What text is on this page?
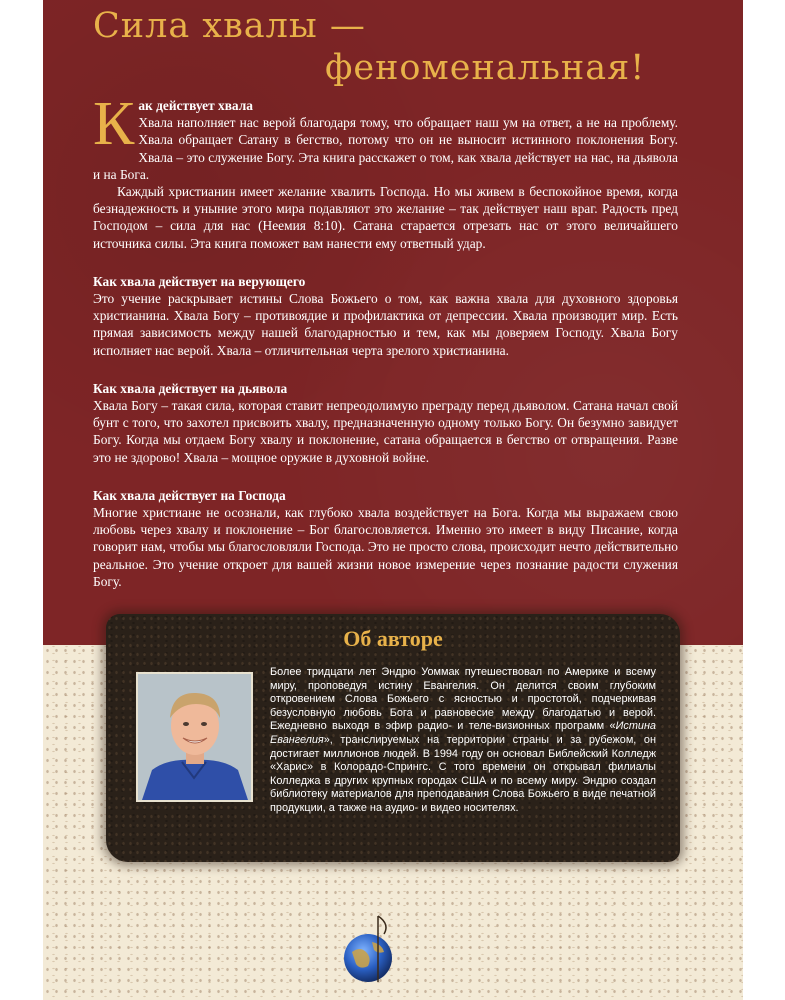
Сила хвалы —
феноменальная!

Как действует хвала
Хвала наполняет нас верой благодаря тому, что обращает наш ум на ответ, а не на проблему. Хвала обращает Сатану в бегство, потому что он не выносит истинного поклонения Богу. Хвала – это служение Богу. Эта книга расскажет о том, как хвала действует на нас, на дьявола и на Бога.

Каждый христианин имеет желание хвалить Господа. Но мы живем в беспокойное время, когда безнадежность и уныние этого мира подавляют это желание – так действует наш враг. Радость пред Господом – сила для нас (Неемия 8:10). Сатана старается отрезать нас от этого величайшего источника силы. Эта книга поможет вам нанести ему ответный удар.

Как хвала действует на верующего

Это учение раскрывает истины Слова Божьего о том, как важна хвала для духовного здоровья христианина. Хвала Богу – противоядие и профилактика от депрессии. Хвала производит мир. Есть прямая зависимость между нашей благодарностью и тем, как мы доверяем Господу. Хвала Богу исполняет нас верой. Хвала – отличительная черта зрелого христианина.

Как хвала действует на дьявола

Хвала Богу – такая сила, которая ставит непреодолимую преграду перед дьяволом. Сатана начал свой бунт с того, что захотел присвоить хвалу, предназначенную одному только Богу. Он безумно завидует Богу. Когда мы отдаем Богу хвалу и поклонение, сатана обращается в бегство от отвращения. Разве это не здорово! Хвала – мощное оружие в духовной войне.

Как хвала действует на Господа

Многие христиане не осознали, как глубоко хвала воздействует на Бога. Когда мы выражаем свою любовь через хвалу и поклонение – Бог благословляется. Именно это имеет в виду Писание, когда говорит нам, чтобы мы благословляли Господа. Это не просто слова, происходит нечто действительно реальное. Это учение откроет для вашей жизни новое измерение через познание радости служения Богу.

Об авторе

Более тридцати лет Эндрю Уоммак путешествовал по Америке и всему миру, проповедуя истину Евангелия. Он делится своим глубоким откровением Слова Божьего с ясностью и простотой, подчеркивая безусловную любовь Бога и равновесие между благодатью и верой. Ежедневно выходя в эфир радио- и теле-визионных программ «Истина Евангелия», транслируемых на территории страны и за рубежом, он достигает миллионов людей. В 1994 году он основал Библейский Колледж «Харис» в Колорадо-Спрингс. С того времени он открывал филиалы Колледжа в других крупных городах США и по всему миру. Эндрю создал библиотеку материалов для преподавания Слова Божьего в виде печатной продукции, а также на аудио- и видео носителях.
